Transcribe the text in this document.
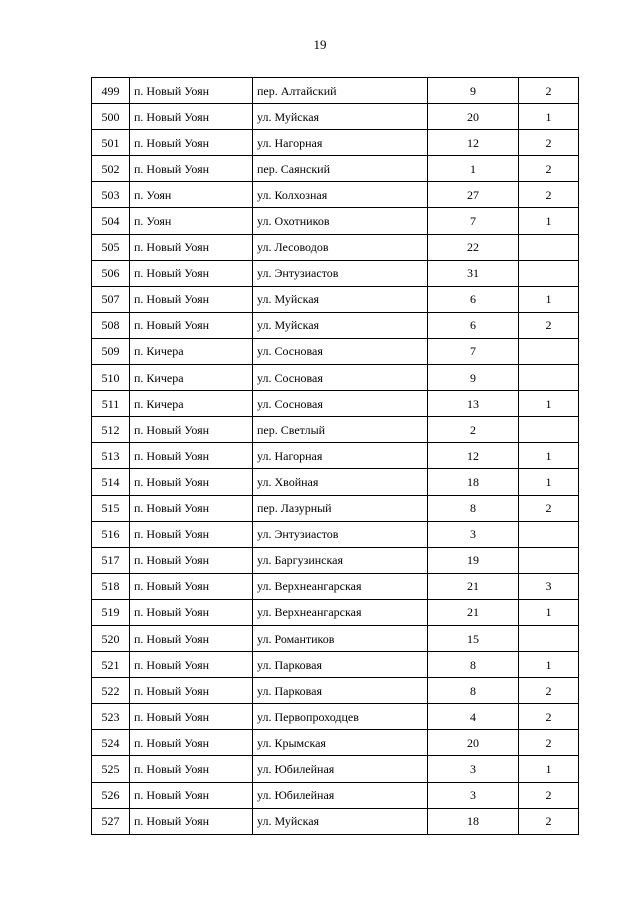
19
499	п. Новый Уоян	пер. Алтайский	9	2
500	п. Новый Уоян	ул. Муйская	20	1
501	п. Новый Уоян	ул. Нагорная	12	2
502	п. Новый Уоян	пер. Саянский	1	2
503	п. Уоян	ул. Колхозная	27	2
504	п. Уоян	ул. Охотников	7	1
505	п. Новый Уоян	ул. Лесоводов	22	
506	п. Новый Уоян	ул. Энтузиастов	31	
507	п. Новый Уоян	ул. Муйская	6	1
508	п. Новый Уоян	ул. Муйская	6	2
509	п. Кичера	ул. Сосновая	7	
510	п. Кичера	ул. Сосновая	9	
511	п. Кичера	ул. Сосновая	13	1
512	п. Новый Уоян	пер. Светлый	2	
513	п. Новый Уоян	ул. Нагорная	12	1
514	п. Новый Уоян	ул. Хвойная	18	1
515	п. Новый Уоян	пер. Лазурный	8	2
516	п. Новый Уоян	ул. Энтузиастов	3	
517	п. Новый Уоян	ул. Баргузинская	19	
518	п. Новый Уоян	ул. Верхнеангарская	21	3
519	п. Новый Уоян	ул. Верхнеангарская	21	1
520	п. Новый Уоян	ул. Романтиков	15	
521	п. Новый Уоян	ул. Парковая	8	1
522	п. Новый Уоян	ул. Парковая	8	2
523	п. Новый Уоян	ул. Первопроходцев	4	2
524	п. Новый Уоян	ул. Крымская	20	2
525	п. Новый Уоян	ул. Юбилейная	3	1
526	п. Новый Уоян	ул. Юбилейная	3	2
527	п. Новый Уоян	ул. Муйская	18	2
